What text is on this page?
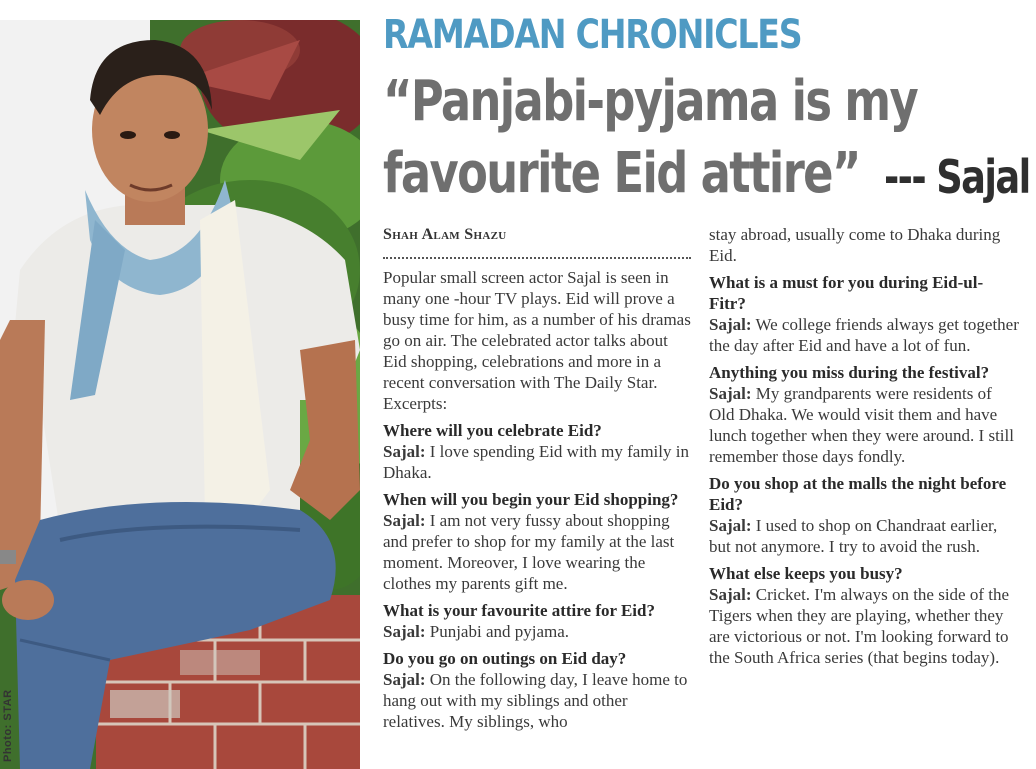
Photo: STAR
RAMADAN CHRONICLES
“Panjabi-pyjama is my
favourite Eid attire” --- Sajal
Shah Alam Shazu
Popular small screen actor Sajal is seen in many one -hour TV plays. Eid will prove a busy time for him, as a number of his dramas go on air. The celebrated actor talks about Eid shopping, celebrations and more in a recent conversation with The Daily Star. Excerpts:
Where will you celebrate Eid?
Sajal: I love spending Eid with my family in Dhaka.
When will you begin your Eid shopping?
Sajal: I am not very fussy about shopping and prefer to shop for my family at the last moment. Moreover, I love wearing the clothes my parents gift me.
What is your favourite attire for Eid?
Sajal: Punjabi and pyjama.
Do you go on outings on Eid day?
Sajal: On the following day, I leave home to hang out with my siblings and other relatives. My siblings, who
stay abroad, usually come to Dhaka during Eid.
What is a must for you during Eid-ul-Fitr?
Sajal: We college friends always get together the day after Eid and have a lot of fun.
Anything you miss during the festival?
Sajal: My grandparents were residents of Old Dhaka. We would visit them and have lunch together when they were around. I still remember those days fondly.
Do you shop at the malls the night before Eid?
Sajal: I used to shop on Chandraat earlier, but not anymore. I try to avoid the rush.
What else keeps you busy?
Sajal: Cricket. I'm always on the side of the Tigers when they are playing, whether they are victorious or not. I'm looking forward to the South Africa series (that begins today).
